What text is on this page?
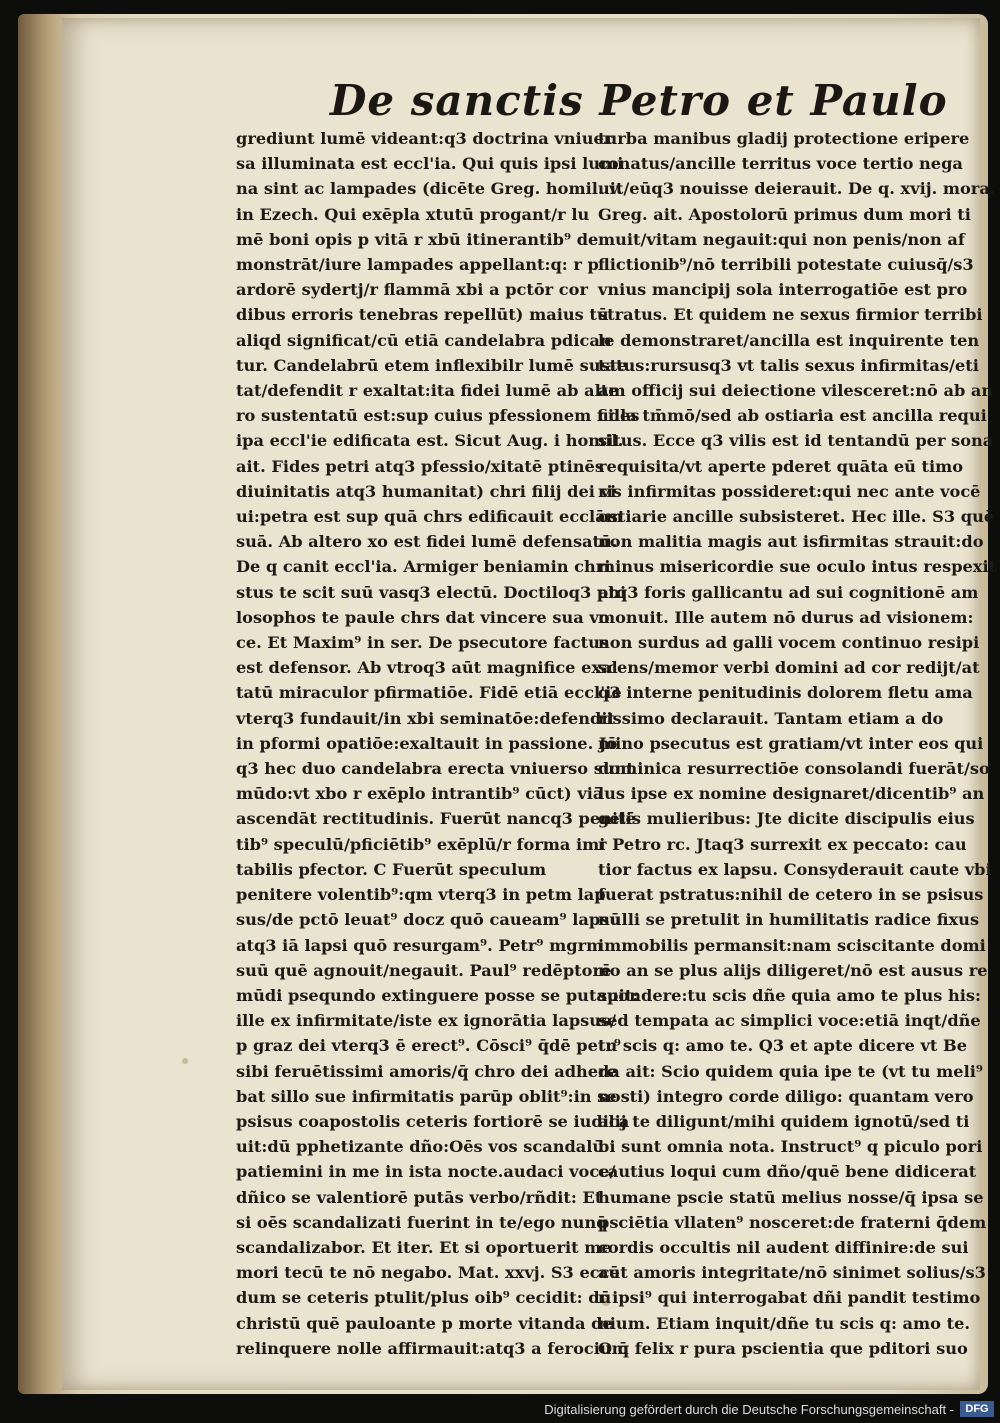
De sanctis Petro et Paulo
grediunt lumē videant:q3 doctrina vniuer
sa illuminata est eccl'ia. Qui quis ipsi lumi
na sint ac lampades (dicēte Greg. homil. v.
in Ezech. Qui exēpla xtutū progant/r lu
mē boni opis p vitā r xbū itinerantib⁹ de
monstrāt/iure lampades appellant:q: r p
ardorē sydertj/r flammā xbi a pctōr cor
dibus erroris tenebras repellūt) maius tū
aliqd significat/cū etiā candelabra pdican
tur. Candelabrū etem inflexibilr lumē suste
tat/defendit r exaltat:ita fidei lumē ab alte
ro sustentatū est:sup cuius pfessionem fides
ipa eccl'ie edificata est. Sicut Aug. i homil.
ait. Fides petri atq3 pfessio/xitatē ptinēs
diuinitatis atq3 humanitat) chri filij dei vi
ui:petra est sup quā chrs edificauit ecclām
suā. Ab altero xo est fidei lumē defensatū.
De q canit eccl'ia. Armiger beniamin chri
stus te scit suū vasq3 electū. Doctiloq3 phi
losophos te paule chrs dat vincere sua vo
ce. Et Maxim⁹ in ser. De psecutore factus
est defensor. Ab vtroq3 aūt magnifice exal
tatū miraculor pfirmatiōe. Fidē etiā eccl'ie
vterq3 fundauit/in xbi seminatōe:defendit
in pformi opatiōe:exaltauit in passione. Jō
q3 hec duo candelabra erecta vniuerso sunt
mūdo:vt xbo r exēplo intrantib⁹ cūct) viā
ascendāt rectitudinis. Fuerūt nancq3 penitē
tib⁹ speculū/pficiētib⁹ exēplū/r forma imi
tabilis pfector. C Fuerūt speculum
penitere volentib⁹:qm vterq3 in petm lap
sus/de pctō leuat⁹ docz quō caueam⁹ lapsū
atq3 iā lapsi quō resurgam⁹. Petr⁹ mgrm
suū quē agnouit/negauit. Paul⁹ redēptorē
mūdi psequndo extinguere posse se putauit:
ille ex infirmitate/iste ex ignorātia lapsus/
p graz dei vterq3 ē erect⁹. Cōsci⁹ q̄dē petr⁹
sibi feruētissimi amoris/q̄ chro dei adhere
bat sillo sue infirmitatis parūp oblit⁹:in se
psisus coapostolis ceteris fortiorē se iudica
uit:dū pphetizante dño:Oēs vos scandalū
patiemini in me in ista nocte.audaci voce/
dñico se valentiorē putās verbo/rñdit: Et
si oēs scandalizati fuerint in te/ego nunq̄
scandalizabor. Et iter. Et si oportuerit me
mori tecū te nō negabo. Mat. xxvj. S3 ecce
dum se ceteris ptulit/plus oib⁹ cecidit: dū
christū quē pauloante p morte vitanda de
relinquere nolle affirmauit:atq3 a ferocium
turba manibus gladij protectione eripere
conatus/ancille territus voce tertio nega
uit/eūq3 nouisse deierauit. De q. xvij. mora.
Greg. ait. Apostolorū primus dum mori ti
muit/vitam negauit:qui non penis/non af
flictionib⁹/nō terribili potestate cuiusq̄/s3
vnius mancipij sola interrogatiōe est pro
stratus. Et quidem ne sexus firmior terribi
le demonstraret/ancilla est inquirente ten
tatus:rursusq3 vt talis sexus infirmitas/eti
am officij sui deiectione vilesceret:nō ab an
cilla tm̄mō/sed ab ostiaria est ancilla requi
situs. Ecce q3 vilis est id tentandū per sona
requisita/vt aperte pderet quāta eū timo
ris infirmitas possideret:qui nec ante vocē
ostiarie ancille subsisteret. Hec ille. S3 quē
non malitia magis aut isfirmitas strauit:do
minus misericordie sue oculo intus respexit
atq3 foris gallicantu ad sui cognitionē am
monuit. Ille autem nō durus ad visionem:
non surdus ad galli vocem continuo resipi
scens/memor verbi domini ad cor redijt/at
q3 interne penitudinis dolorem fletu ama
rissimo declarauit. Tantam etiam a do
mino psecutus est gratiam/vt inter eos qui
dominica resurrectiōe consolandi fuerāt/so
lus ipse ex nomine designaret/dicentib⁹ an
gelis mulieribus: Jte dicite discipulis eius
r Petro rc. Jtaq3 surrexit ex peccato: cau
tior factus ex lapsu. Consyderauit caute vbi
fuerat pstratus:nihil de cetero in se psisus
nulli se pretulit in humilitatis radice fixus
immobilis permansit:nam sciscitante domi
no an se plus alijs diligeret/nō est ausus re
spondere:tu scis dñe quia amo te plus his:
sed tempata ac simplici voce:etiā inqt/dñe
tu scis q: amo te. Q3 et apte dicere vt Be
da ait: Scio quidem quia ipe te (vt tu meli⁹
nosti) integro corde diligo: quantam vero
alij te diligunt/mihi quidem ignotū/sed ti
bi sunt omnia nota. Instruct⁹ q piculo pori
cautius loqui cum dño/quē bene didicerat
humane pscie statū melius nosse/q̄ ipsa se
psciētia vllaten⁹ nosceret:de fraterni q̄dem
cordis occultis nil audent diffinire:de sui
aūt amoris integritate/nō sinimet solius/s3
r ipsi⁹ qui interrogabat dñi pandit testimo
nium. Etiam inquit/dñe tu scis q: amo te.
O q̄ felix r pura pscientia que pditori suo
Digitalisierung gefördert durch die Deutsche Forschungsgemeinschaft -	DFG
